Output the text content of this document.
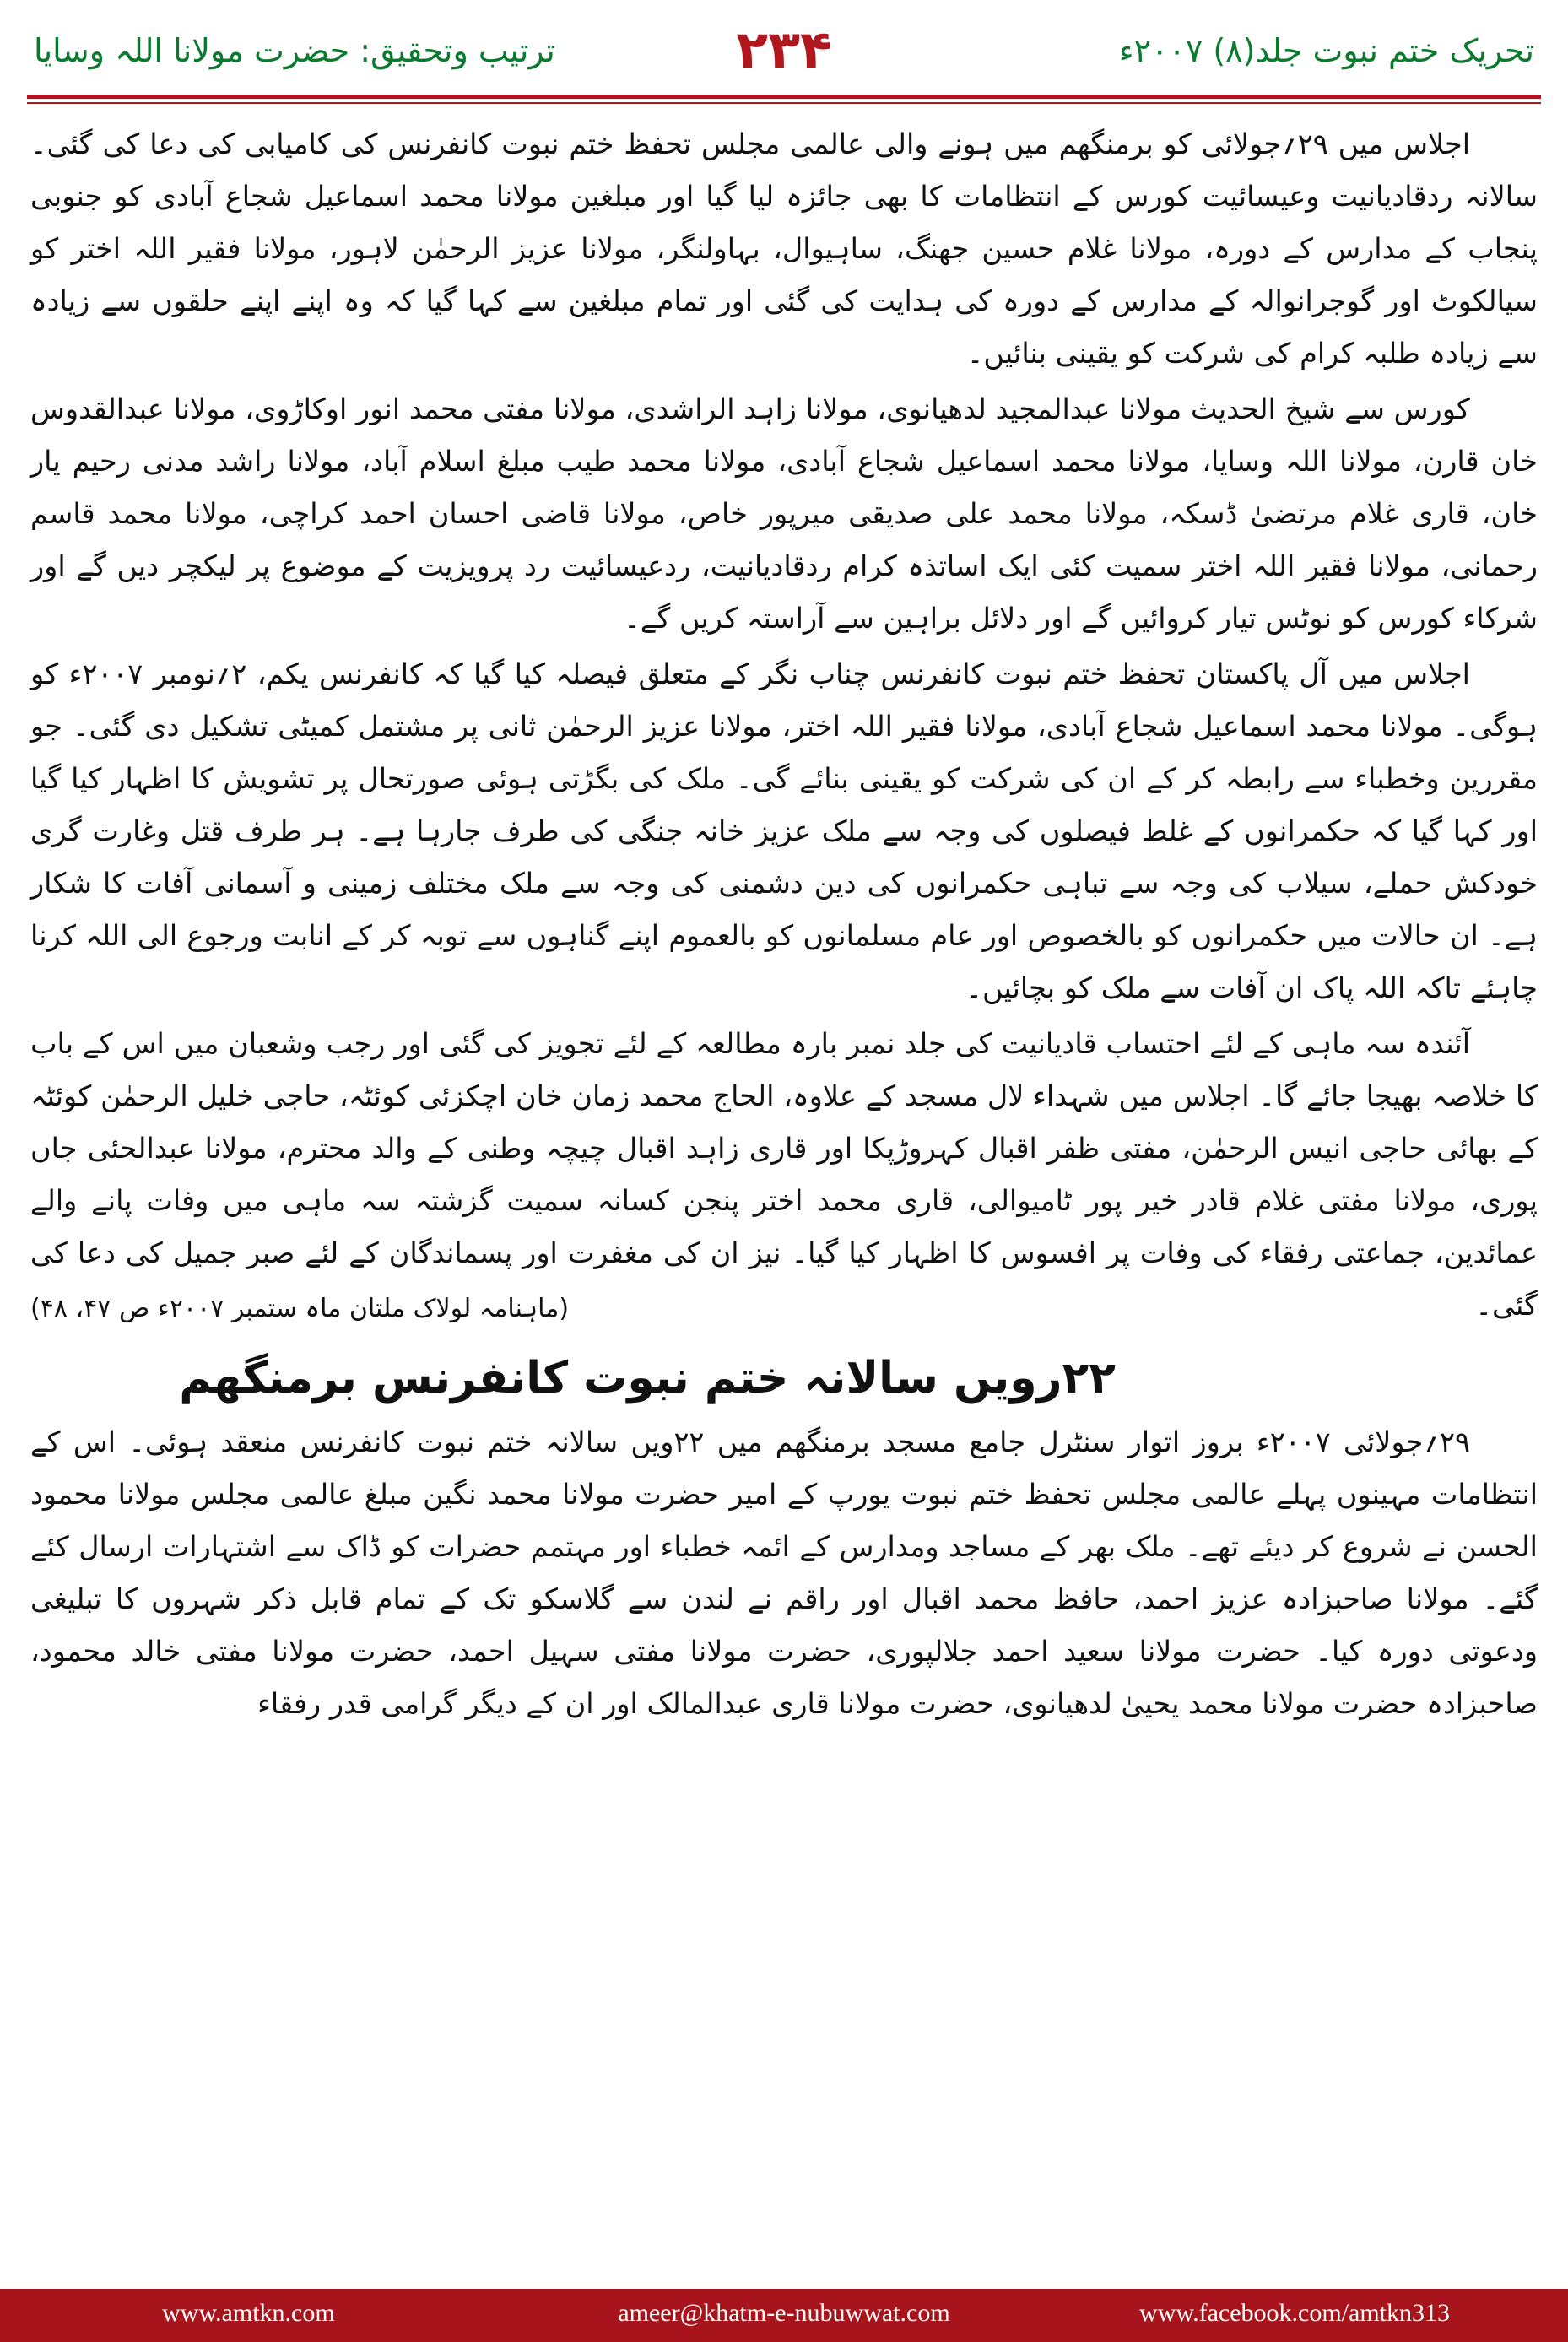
تحریک ختم نبوت جلد(۸) ۲۰۰۷ء
۲۳۴
ترتیب وتحقیق: حضرت مولانا اللہ وسایا

اجلاس میں ۲۹؍جولائی کو برمنگھم میں ہونے والی عالمی مجلس تحفظ ختم نبوت کانفرنس کی کامیابی کی دعا کی گئی۔ سالانہ ردقادیانیت وعیسائیت کورس کے انتظامات کا بھی جائزہ لیا گیا اور مبلغین مولانا محمد اسماعیل شجاع آبادی کو جنوبی پنجاب کے مدارس کے دورہ، مولانا غلام حسین جھنگ، ساہیوال، بہاولنگر، مولانا عزیز الرحمٰن لاہور، مولانا فقیر اللہ اختر کو سیالکوٹ اور گوجرانوالہ کے مدارس کے دورہ کی ہدایت کی گئی اور تمام مبلغین سے کہا گیا کہ وہ اپنے اپنے حلقوں سے زیادہ سے زیادہ طلبہ کرام کی شرکت کو یقینی بنائیں۔

کورس سے شیخ الحدیث مولانا عبدالمجید لدھیانوی، مولانا زاہد الراشدی، مولانا مفتی محمد انور اوکاڑوی، مولانا عبدالقدوس خان قارن، مولانا اللہ وسایا، مولانا محمد اسماعیل شجاع آبادی، مولانا محمد طیب مبلغ اسلام آباد، مولانا راشد مدنی رحیم یار خان، قاری غلام مرتضیٰ ڈسکہ، مولانا محمد علی صدیقی میرپور خاص، مولانا قاضی احسان احمد کراچی، مولانا محمد قاسم رحمانی، مولانا فقیر اللہ اختر سمیت کئی ایک اساتذہ کرام ردقادیانیت، ردعیسائیت رد پرویزیت کے موضوع پر لیکچر دیں گے اور شرکاء کورس کو نوٹس تیار کروائیں گے اور دلائل براہین سے آراستہ کریں گے۔

اجلاس میں آل پاکستان تحفظ ختم نبوت کانفرنس چناب نگر کے متعلق فیصلہ کیا گیا کہ کانفرنس یکم، ۲؍نومبر ۲۰۰۷ء کو ہوگی۔ مولانا محمد اسماعیل شجاع آبادی، مولانا فقیر اللہ اختر، مولانا عزیز الرحمٰن ثانی پر مشتمل کمیٹی تشکیل دی گئی۔ جو مقررین وخطباء سے رابطہ کر کے ان کی شرکت کو یقینی بنائے گی۔ ملک کی بگڑتی ہوئی صورتحال پر تشویش کا اظہار کیا گیا اور کہا گیا کہ حکمرانوں کے غلط فیصلوں کی وجہ سے ملک عزیز خانہ جنگی کی طرف جارہا ہے۔ ہر طرف قتل وغارت گری خودکش حملے، سیلاب کی وجہ سے تباہی حکمرانوں کی دین دشمنی کی وجہ سے ملک مختلف زمینی و آسمانی آفات کا شکار ہے۔ ان حالات میں حکمرانوں کو بالخصوص اور عام مسلمانوں کو بالعموم اپنے گناہوں سے توبہ کر کے انابت ورجوع الی اللہ کرنا چاہئے تاکہ اللہ پاک ان آفات سے ملک کو بچائیں۔

آئندہ سہ ماہی کے لئے احتساب قادیانیت کی جلد نمبر بارہ مطالعہ کے لئے تجویز کی گئی اور رجب وشعبان میں اس کے باب کا خلاصہ بھیجا جائے گا۔ اجلاس میں شہداء لال مسجد کے علاوہ، الحاج محمد زمان خان اچکزئی کوئٹہ، حاجی خلیل الرحمٰن کوئٹہ کے بھائی حاجی انیس الرحمٰن، مفتی ظفر اقبال کہروڑپکا اور قاری زاہد اقبال چیچہ وطنی کے والد محترم، مولانا عبدالحئی جاں پوری، مولانا مفتی غلام قادر خیر پور ٹامیوالی، قاری محمد اختر پنجن کسانہ سمیت گزشتہ سہ ماہی میں وفات پانے والے عمائدین، جماعتی رفقاء کی وفات پر افسوس کا اظہار کیا گیا۔ نیز ان کی مغفرت اور پسماندگان کے لئے صبر جمیل کی دعا کی گئی۔

(ماہنامہ لولاک ملتان ماہ ستمبر ۲۰۰۷ء ص ۴۷، ۴۸)

۲۲رویں سالانہ ختم نبوت کانفرنس برمنگھم

۲۹؍جولائی ۲۰۰۷ء بروز اتوار سنٹرل جامع مسجد برمنگھم میں ۲۲ویں سالانہ ختم نبوت کانفرنس منعقد ہوئی۔ اس کے انتظامات مہینوں پہلے عالمی مجلس تحفظ ختم نبوت یورپ کے امیر حضرت مولانا محمد نگین مبلغ عالمی مجلس مولانا محمود الحسن نے شروع کر دیئے تھے۔ ملک بھر کے مساجد ومدارس کے ائمہ خطباء اور مہتمم حضرات کو ڈاک سے اشتہارات ارسال کئے گئے۔ مولانا صاحبزادہ عزیز احمد، حافظ محمد اقبال اور راقم نے لندن سے گلاسکو تک کے تمام قابل ذکر شہروں کا تبلیغی ودعوتی دورہ کیا۔ حضرت مولانا سعید احمد جلالپوری، حضرت مولانا مفتی سہیل احمد، حضرت مولانا مفتی خالد محمود، صاحبزادہ حضرت مولانا محمد یحییٰ لدھیانوی، حضرت مولانا قاری عبدالمالک اور ان کے دیگر گرامی قدر رفقاء

www.amtkn.com	ameer@khatm-e-nubuwwat.com	www.facebook.com/amtkn313
